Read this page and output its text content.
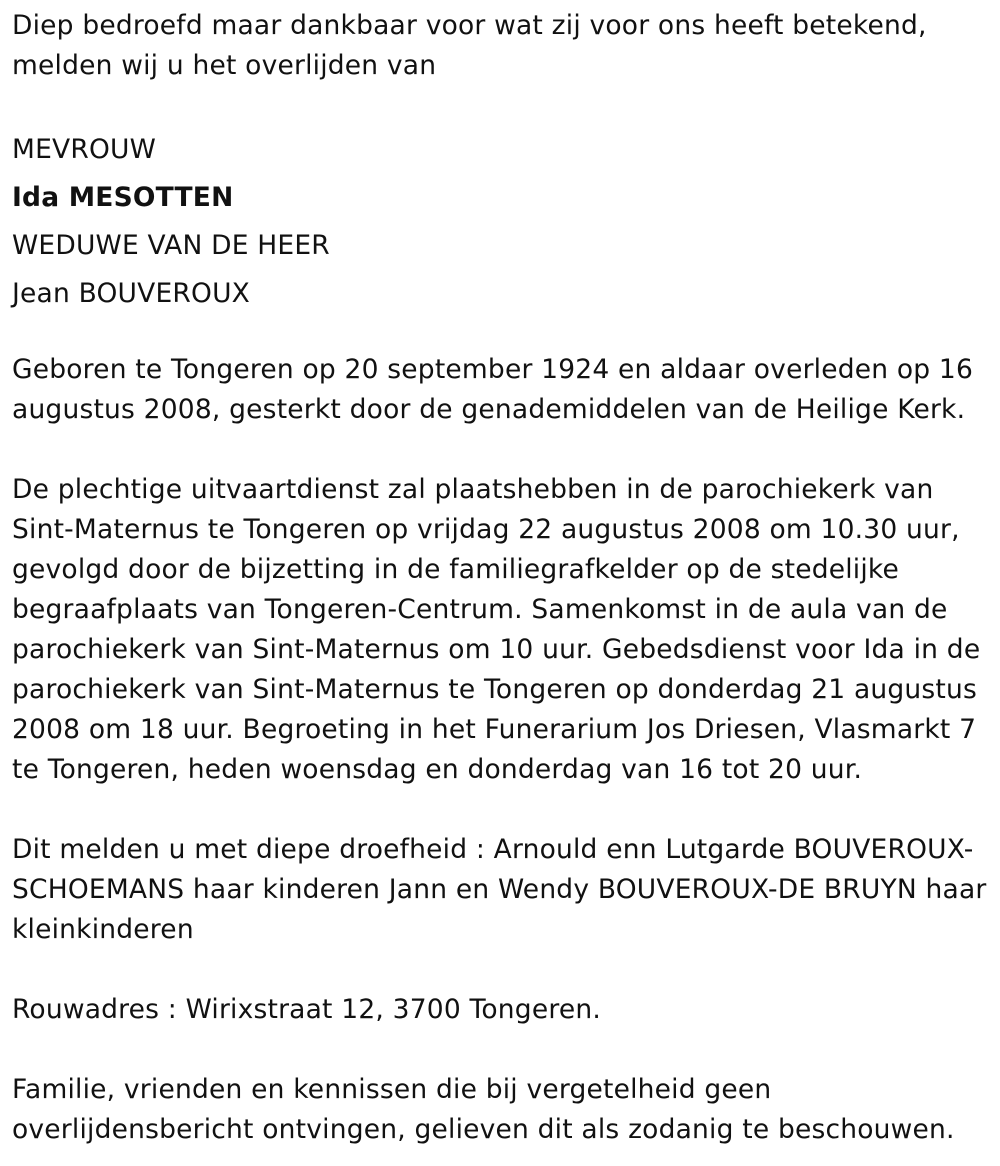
Diep bedroefd maar dankbaar voor wat zij voor ons heeft betekend, melden wij u het overlijden van

MEVROUW

Ida MESOTTEN

WEDUWE VAN DE HEER

Jean BOUVEROUX

Geboren te Tongeren op 20 september 1924 en aldaar overleden op 16 augustus 2008, gesterkt door de genademiddelen van de Heilige Kerk.

De plechtige uitvaartdienst zal plaatshebben in de parochiekerk van Sint-Maternus te Tongeren op vrijdag 22 augustus 2008 om 10.30 uur, gevolgd door de bijzetting in de familiegrafkelder op de stedelijke begraafplaats van Tongeren-Centrum. Samenkomst in de aula van de parochiekerk van Sint-Maternus om 10 uur. Gebedsdienst voor Ida in de parochiekerk van Sint-Maternus te Tongeren op donderdag 21 augustus 2008 om 18 uur. Begroeting in het Funerarium Jos Driesen, Vlasmarkt 7 te Tongeren, heden woensdag en donderdag van 16 tot 20 uur.

Dit melden u met diepe droefheid : Arnould enn Lutgarde BOUVEROUX-SCHOEMANS haar kinderen Jann en Wendy BOUVEROUX-DE BRUYN haar kleinkinderen

Rouwadres : Wirixstraat 12, 3700 Tongeren.

Familie, vrienden en kennissen die bij vergetelheid geen overlijdensbericht ontvingen, gelieven dit als zodanig te beschouwen.
